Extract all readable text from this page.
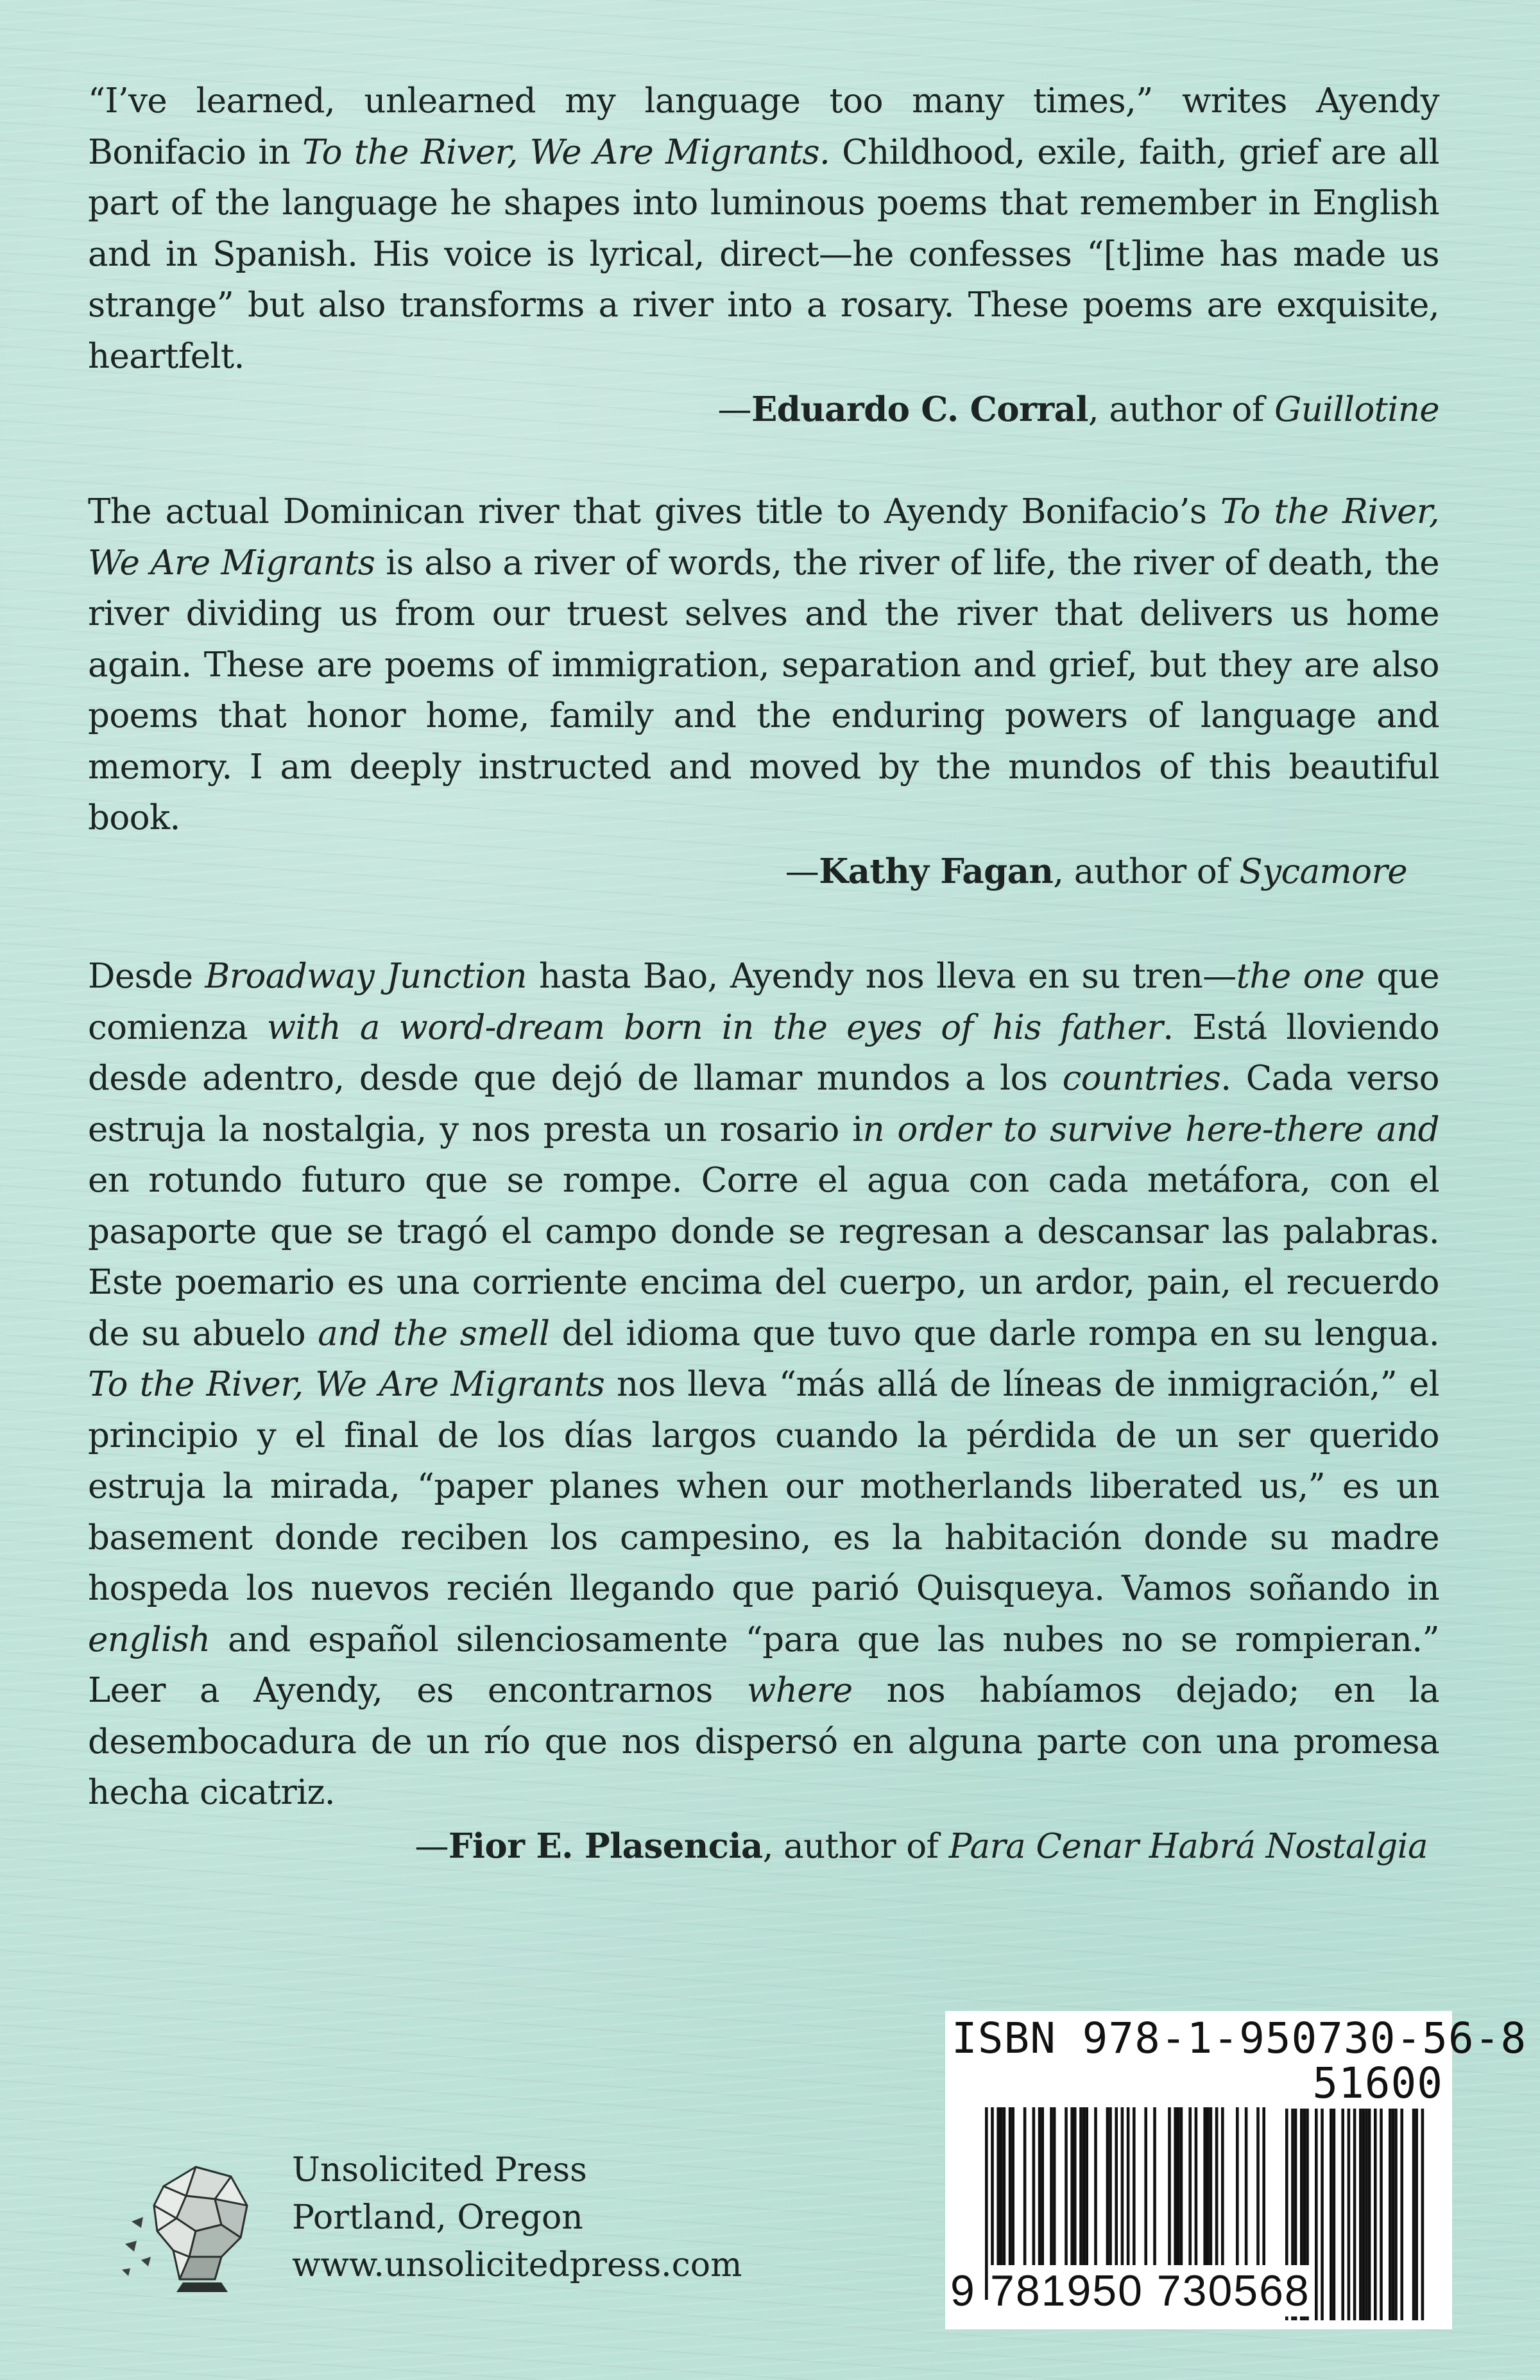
“I’ve learned, unlearned my language too many times,” writes Ayendy Bonifacio in To the River, We Are Migrants. Childhood, exile, faith, grief are all part of the language he shapes into luminous poems that remember in English and in Spanish. His voice is lyrical, direct—he confesses “[t]ime has made us strange” but also transforms a river into a rosary. These poems are exquisite, heartfelt.

—Eduardo C. Corral, author of Guillotine

The actual Dominican river that gives title to Ayendy Bonifacio’s To the River, We Are Migrants is also a river of words, the river of life, the river of death, the river dividing us from our truest selves and the river that delivers us home again. These are poems of immigration, separation and grief, but they are also poems that honor home, family and the enduring powers of language and memory. I am deeply instructed and moved by the mundos of this beautiful book.

—Kathy Fagan, author of Sycamore

Desde Broadway Junction hasta Bao, Ayendy nos lleva en su tren—the one que comienza with a word-dream born in the eyes of his father. Está lloviendo desde adentro, desde que dejó de llamar mundos a los countries. Cada verso estruja la nostalgia, y nos presta un rosario in order to survive here-there and en rotundo futuro que se rompe. Corre el agua con cada metáfora, con el pasaporte que se tragó el campo donde se regresan a descansar las palabras. Este poemario es una corriente encima del cuerpo, un ardor, pain, el recuerdo de su abuelo and the smell del idioma que tuvo que darle rompa en su lengua. To the River, We Are Migrants nos lleva “más allá de líneas de inmigración,” el principio y el final de los días largos cuando la pérdida de un ser querido estruja la mirada, “paper planes when our motherlands liberated us,” es un basement donde reciben los campesino, es la habitación donde su madre hospeda los nuevos recién llegando que parió Quisqueya. Vamos soñando in english and español silenciosamente “para que las nubes no se rompieran.” Leer a Ayendy, es encontrarnos where nos habíamos dejado; en la desembocadura de un río que nos dispersó en alguna parte con una promesa hecha cicatriz.

—Fior E. Plasencia, author of Para Cenar Habrá Nostalgia
Unsolicited Press
Portland, Oregon
www.unsolicitedpress.com
ISBN 978-1-950730-56-8
51600
9 781950 730568
